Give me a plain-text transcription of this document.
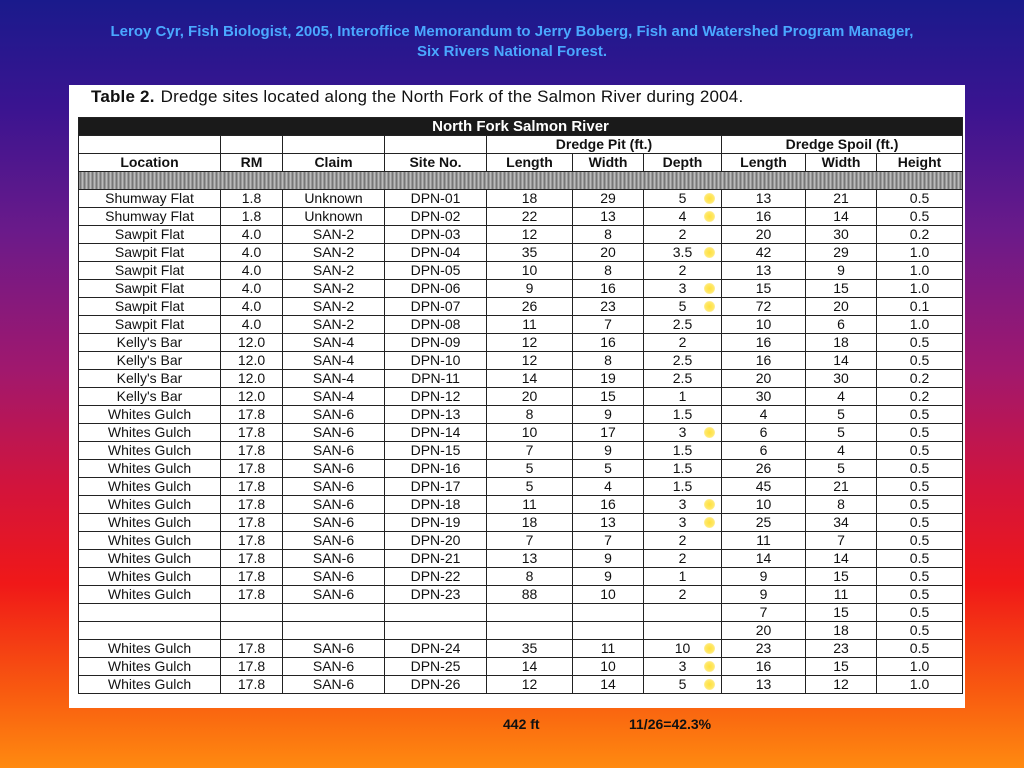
Leroy Cyr, Fish Biologist, 2005, Interoffice Memorandum to Jerry Boberg, Fish and Watershed Program Manager,
Six Rivers National Forest.
Table 2. Dredge sites located along the North Fork of the Salmon River during 2004.
North Fork Salmon River									
				Dredge Pit (ft.)			Dredge Spoil (ft.)		
Location	RM	Claim	Site No.	Length	Width	Depth	Length	Width	Height

Shumway Flat	1.8	Unknown	DPN-01	18	29	5	13	21	0.5
Shumway Flat	1.8	Unknown	DPN-02	22	13	4	16	14	0.5
Sawpit Flat	4.0	SAN-2	DPN-03	12	8	2	20	30	0.2
Sawpit Flat	4.0	SAN-2	DPN-04	35	20	3.5	42	29	1.0
Sawpit Flat	4.0	SAN-2	DPN-05	10	8	2	13	9	1.0
Sawpit Flat	4.0	SAN-2	DPN-06	9	16	3	15	15	1.0
Sawpit Flat	4.0	SAN-2	DPN-07	26	23	5	72	20	0.1
Sawpit Flat	4.0	SAN-2	DPN-08	11	7	2.5	10	6	1.0
Kelly's Bar	12.0	SAN-4	DPN-09	12	16	2	16	18	0.5
Kelly's Bar	12.0	SAN-4	DPN-10	12	8	2.5	16	14	0.5
Kelly's Bar	12.0	SAN-4	DPN-11	14	19	2.5	20	30	0.2
Kelly's Bar	12.0	SAN-4	DPN-12	20	15	1	30	4	0.2
Whites Gulch	17.8	SAN-6	DPN-13	8	9	1.5	4	5	0.5
Whites Gulch	17.8	SAN-6	DPN-14	10	17	3	6	5	0.5
Whites Gulch	17.8	SAN-6	DPN-15	7	9	1.5	6	4	0.5
Whites Gulch	17.8	SAN-6	DPN-16	5	5	1.5	26	5	0.5
Whites Gulch	17.8	SAN-6	DPN-17	5	4	1.5	45	21	0.5
Whites Gulch	17.8	SAN-6	DPN-18	11	16	3	10	8	0.5
Whites Gulch	17.8	SAN-6	DPN-19	18	13	3	25	34	0.5
Whites Gulch	17.8	SAN-6	DPN-20	7	7	2	11	7	0.5
Whites Gulch	17.8	SAN-6	DPN-21	13	9	2	14	14	0.5
Whites Gulch	17.8	SAN-6	DPN-22	8	9	1	9	15	0.5
Whites Gulch	17.8	SAN-6	DPN-23	88	10	2	9	11	0.5
							7	15	0.5
							20	18	0.5
Whites Gulch	17.8	SAN-6	DPN-24	35	11	10	23	23	0.5
Whites Gulch	17.8	SAN-6	DPN-25	14	10	3	16	15	1.0
Whites Gulch	17.8	SAN-6	DPN-26	12	14	5	13	12	1.0
442 ft	11/26=42.3%
